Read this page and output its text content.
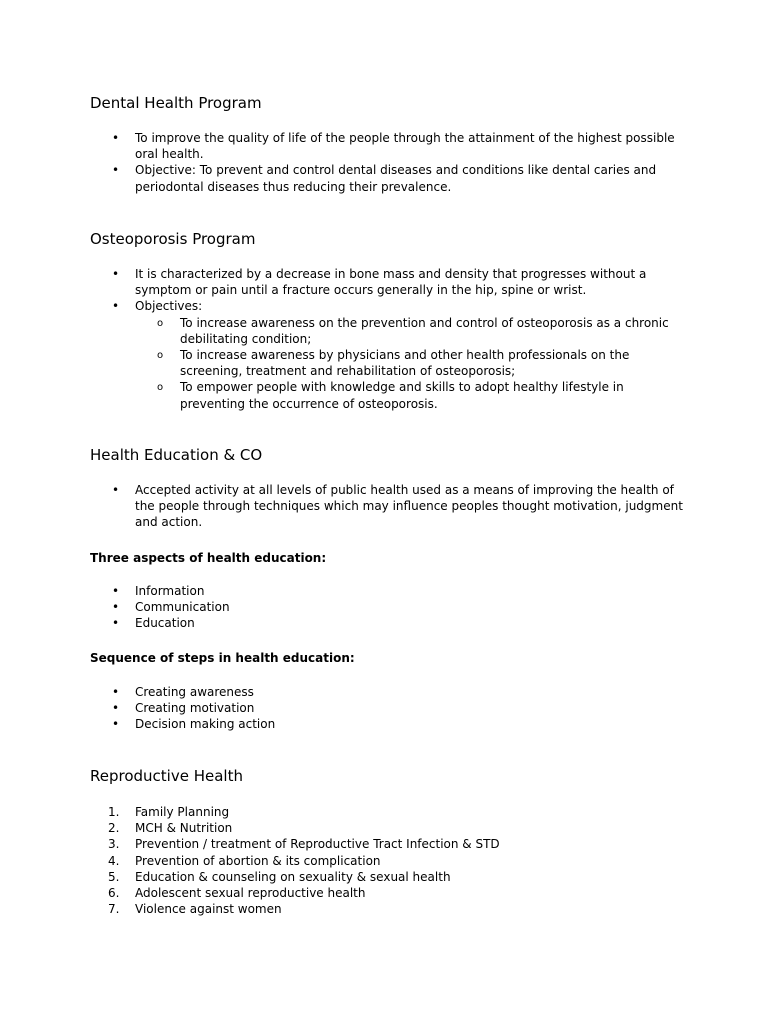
Dental Health Program
• To improve the quality of life of the people through the attainment of the highest possible oral health.
• Objective: To prevent and control dental diseases and conditions like dental caries and periodontal diseases thus reducing their prevalence.
Osteoporosis Program
• It is characterized by a decrease in bone mass and density that progresses without a symptom or pain until a fracture occurs generally in the hip, spine or wrist.
• Objectives:
o To increase awareness on the prevention and control of osteoporosis as a chronic debilitating condition;
o To increase awareness by physicians and other health professionals on the screening, treatment and rehabilitation of osteoporosis;
o To empower people with knowledge and skills to adopt healthy lifestyle in preventing the occurrence of osteoporosis.
Health Education & CO
• Accepted activity at all levels of public health used as a means of improving the health of the people through techniques which may influence peoples thought motivation, judgment and action.
Three aspects of health education:
• Information
• Communication
• Education
Sequence of steps in health education:
• Creating awareness
• Creating motivation
• Decision making action
Reproductive Health
1. Family Planning
2. MCH & Nutrition
3. Prevention / treatment of Reproductive Tract Infection & STD
4. Prevention of abortion & its complication
5. Education & counseling on sexuality & sexual health
6. Adolescent sexual reproductive health
7. Violence against women
